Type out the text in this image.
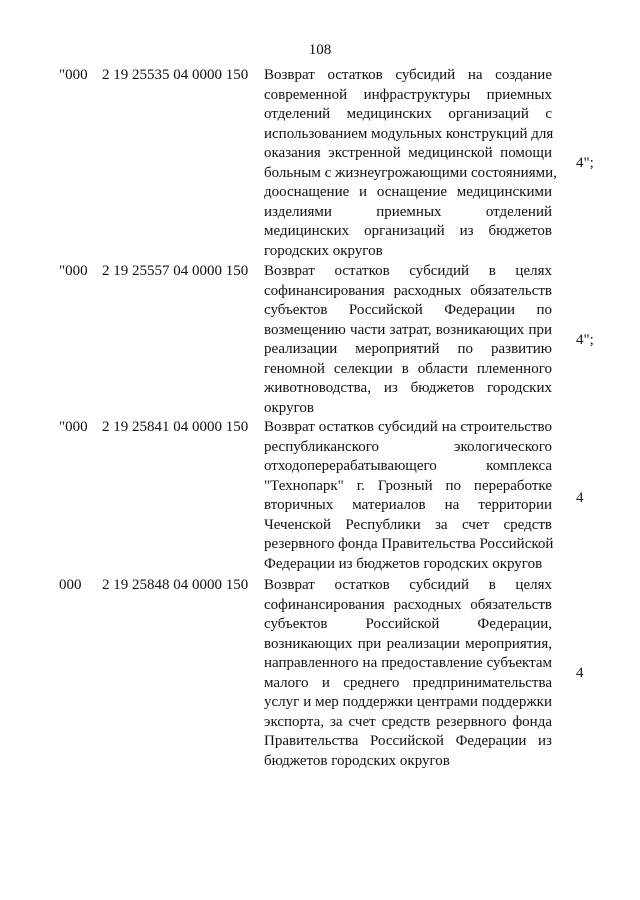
108
"000 2 19 25535 04 0000 150 Возврат остатков субсидий на создание
современной инфраструктуры приемных
отделений медицинских организаций с
использованием модульных конструкций для
оказания экстренной медицинской помощи
больным с жизнеугрожающими состояниями,
дооснащение и оснащение медицинскими
изделиями приемных отделений
медицинских организаций из бюджетов
городских округов
4";
"000 2 19 25557 04 0000 150 Возврат остатков субсидий в целях
софинансирования расходных обязательств
субъектов Российской Федерации по
возмещению части затрат, возникающих при
реализации мероприятий по развитию
геномной селекции в области племенного
животноводства, из бюджетов городских
округов
4";
"000 2 19 25841 04 0000 150 Возврат остатков субсидий на строительство
республиканского экологического
отходоперерабатывающего комплекса
"Технопарк" г. Грозный по переработке
вторичных материалов на территории
Чеченской Республики за счет средств
резервного фонда Правительства Российской
Федерации из бюджетов городских округов
4
000 2 19 25848 04 0000 150 Возврат остатков субсидий в целях
софинансирования расходных обязательств
субъектов Российской Федерации,
возникающих при реализации мероприятия,
направленного на предоставление субъектам
малого и среднего предпринимательства
услуг и мер поддержки центрами поддержки
экспорта, за счет средств резервного фонда
Правительства Российской Федерации из
бюджетов городских округов
4
